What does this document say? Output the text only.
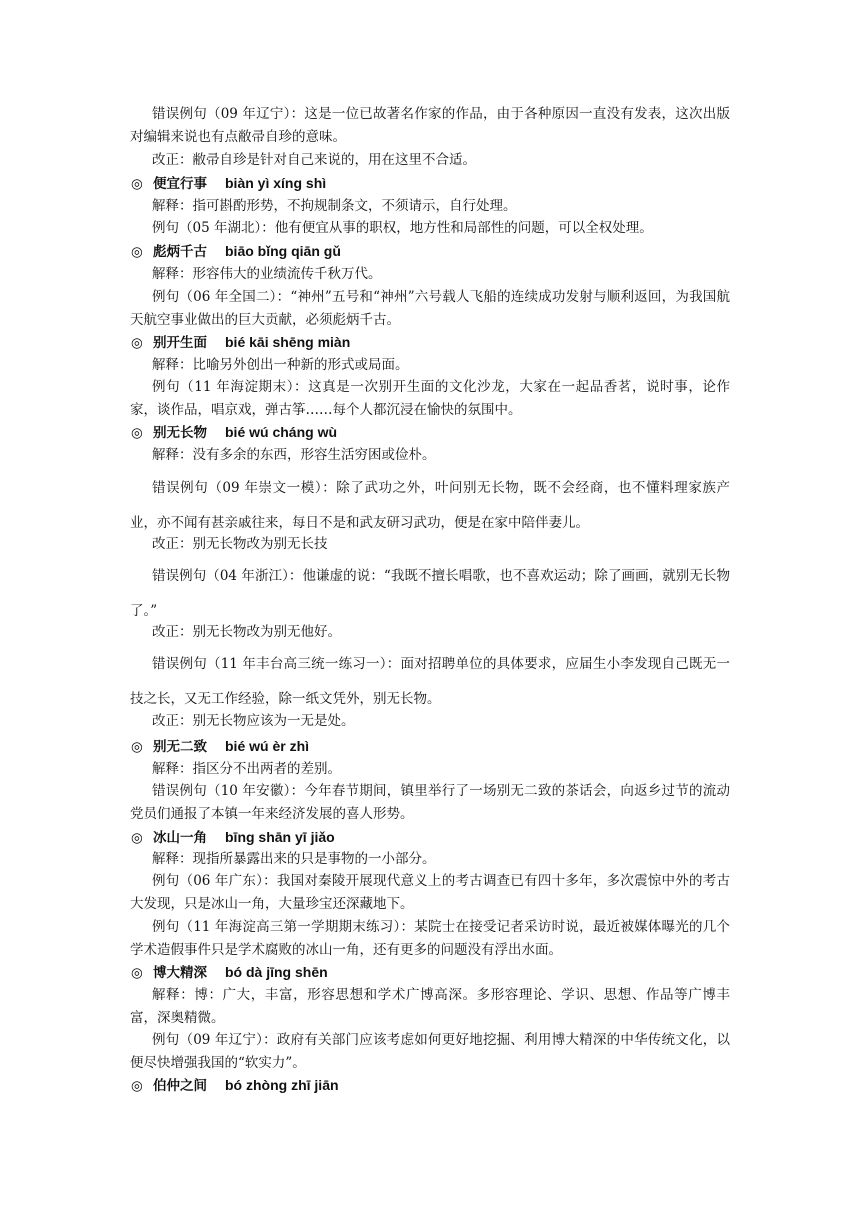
错误例句（09 年辽宁）：这是一位已故著名作家的作品，由于各种原因一直没有发表，这次出版对编辑来说也有点敝帚自珍的意味。
改正：敝帚自珍是针对自己来说的，用在这里不合适。
◎ 便宜行事 biàn yì xíng shì
解释：指可斟酌形势，不拘规制条文，不须请示，自行处理。
例句（05 年湖北）：他有便宜从事的职权，地方性和局部性的问题，可以全权处理。
◎ 彪炳千古 biāo bǐng qiān gǔ
解释：形容伟大的业绩流传千秋万代。
例句（06 年全国二）：“神州”五号和“神州”六号载人飞船的连续成功发射与顺利返回，为我国航天航空事业做出的巨大贡献，必须彪炳千古。
◎ 别开生面 bié kāi shēng miàn
解释：比喻另外创出一种新的形式或局面。
例句（11 年海淀期末）：这真是一次别开生面的文化沙龙，大家在一起品香茗，说时事，论作家，谈作品，唱京戏，弹古筝……每个人都沉浸在愉快的氛围中。
◎ 别无长物 bié wú cháng wù
解释：没有多余的东西，形容生活穷困或俭朴。
错误例句（09 年崇文一模）：除了武功之外，叶问别无长物，既不会经商，也不懂料理家族产业，亦不闻有甚亲戚往来，每日不是和武友研习武功，便是在家中陪伴妻儿。
改正：别无长物改为别无长技
错误例句（04 年浙江）：他谦虚的说：“我既不擅长唱歌，也不喜欢运动；除了画画，就别无长物了。”
改正：别无长物改为别无他好。
错误例句（11 年丰台高三统一练习一）：面对招聘单位的具体要求，应届生小李发现自己既无一技之长，又无工作经验，除一纸文凭外，别无长物。
改正：别无长物应该为一无是处。
◎ 别无二致 bié wú èr zhì
解释：指区分不出两者的差别。
错误例句（10 年安徽）：今年春节期间，镇里举行了一场别无二致的茶话会，向返乡过节的流动党员们通报了本镇一年来经济发展的喜人形势。
◎ 冰山一角 bīng shān yī jiǎo
解释：现指所暴露出来的只是事物的一小部分。
例句（06 年广东）：我国对秦陵开展现代意义上的考古调查已有四十多年，多次震惊中外的考古大发现，只是冰山一角，大量珍宝还深藏地下。
例句（11 年海淀高三第一学期期末练习）：某院士在接受记者采访时说，最近被媒体曝光的几个学术造假事件只是学术腐败的冰山一角，还有更多的问题没有浮出水面。
◎ 博大精深 bó dà jīng shēn
解释：博：广大，丰富，形容思想和学术广博高深。多形容理论、学识、思想、作品等广博丰富，深奥精微。
例句（09 年辽宁）：政府有关部门应该考虑如何更好地挖掘、利用博大精深的中华传统文化，以便尽快增强我国的“软实力”。
◎ 伯仲之间 bó zhòng zhī jiān
